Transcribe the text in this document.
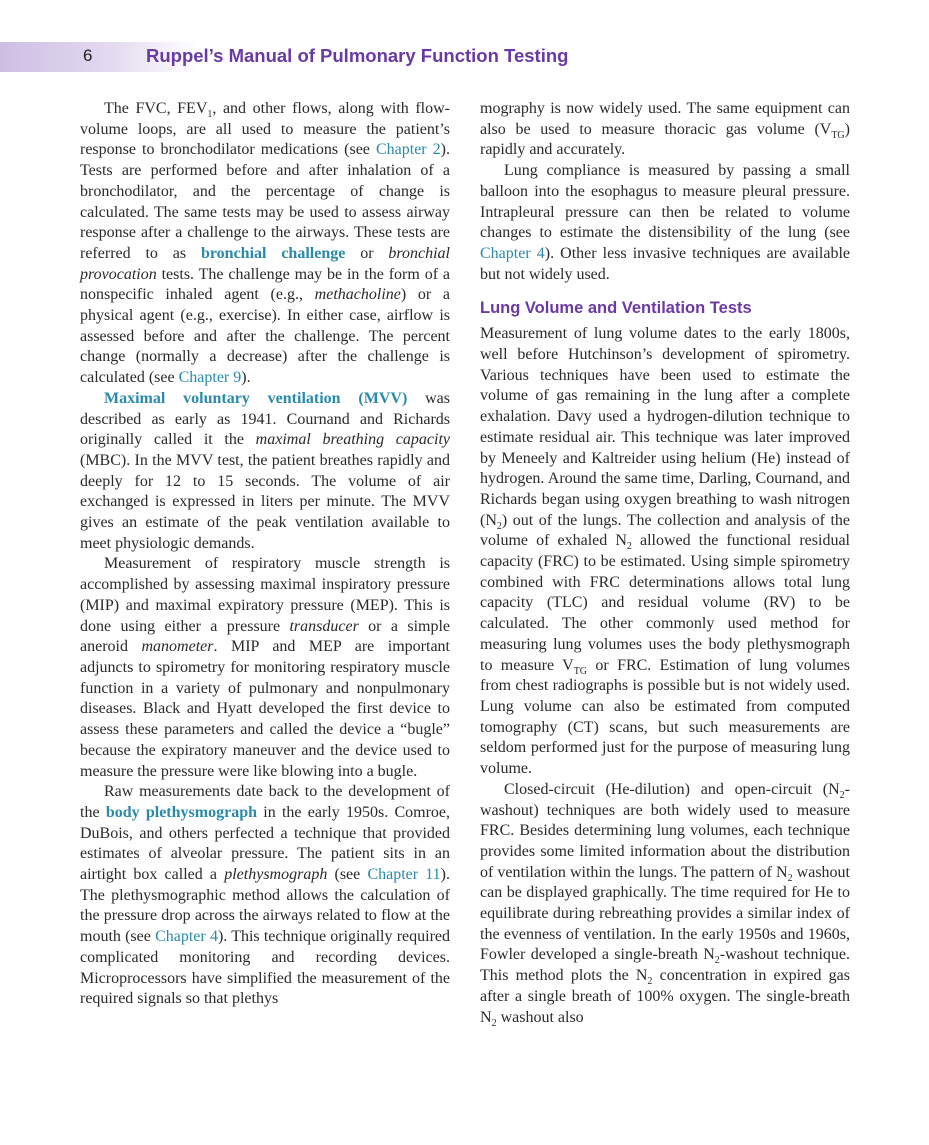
6	Ruppel’s Manual of Pulmonary Function Testing

The FVC, $FEV_1$, and other flows, along with flow-volume loops, are all used to measure the patient’s response to bronchodilator medications (see Chapter 2). Tests are performed before and after inhalation of a bronchodilator, and the percentage of change is calculated. The same tests may be used to assess airway response after a challenge to the airways. These tests are referred to as bronchial challenge or bronchial provocation tests. The challenge may be in the form of a nonspecific inhaled agent (e.g., methacholine) or a physical agent (e.g., exercise). In either case, airflow is assessed before and after the challenge. The percent change (normally a decrease) after the challenge is calculated (see Chapter 9).

Maximal voluntary ventilation (MVV) was described as early as 1941. Cournand and Richards originally called it the maximal breathing capacity (MBC). In the MVV test, the patient breathes rapidly and deeply for 12 to 15 seconds. The volume of air exchanged is expressed in liters per minute. The MVV gives an estimate of the peak ventilation available to meet physiologic demands.

Measurement of respiratory muscle strength is accomplished by assessing maximal inspiratory pressure (MIP) and maximal expiratory pressure (MEP). This is done using either a pressure transducer or a simple aneroid manometer. MIP and MEP are important adjuncts to spirometry for monitoring respiratory muscle function in a variety of pulmonary and nonpulmonary diseases. Black and Hyatt developed the first device to assess these parameters and called the device a “bugle” because the expiratory maneuver and the device used to measure the pressure were like blowing into a bugle.

Raw measurements date back to the development of the body plethysmograph in the early 1950s. Comroe, DuBois, and others perfected a technique that provided estimates of alveolar pressure. The patient sits in an airtight box called a plethysmograph (see Chapter 11). The plethysmographic method allows the calculation of the pressure drop across the airways related to flow at the mouth (see Chapter 4). This technique originally required complicated monitoring and recording devices. Microprocessors have simplified the measurement of the required signals so that plethys

mography is now widely used. The same equipment can also be used to measure thoracic gas volume $(V_{TG})$ rapidly and accurately.

Lung compliance is measured by passing a small balloon into the esophagus to measure pleural pressure. Intrapleural pressure can then be related to volume changes to estimate the distensibility of the lung (see Chapter 4). Other less invasive techniques are available but not widely used.

Lung Volume and Ventilation Tests

Measurement of lung volume dates to the early 1800s, well before Hutchinson’s development of spirometry. Various techniques have been used to estimate the volume of gas remaining in the lung after a complete exhalation. Davy used a hydrogen-dilution technique to estimate residual air. This technique was later improved by Meneely and Kaltreider using helium (He) instead of hydrogen. Around the same time, Darling, Cournand, and Richards began using oxygen breathing to wash nitrogen $(N_2)$ out of the lungs. The collection and analysis of the volume of exhaled $N_2$ allowed the functional residual capacity (FRC) to be estimated. Using simple spirometry combined with FRC determinations allows total lung capacity (TLC) and residual volume (RV) to be calculated. The other commonly used method for measuring lung volumes uses the body plethysmograph to measure $V_{TG}$ or FRC. Estimation of lung volumes from chest radiographs is possible but is not widely used. Lung volume can also be estimated from computed tomography (CT) scans, but such measurements are seldom performed just for the purpose of measuring lung volume.

Closed-circuit (He-dilution) and open-circuit $(N_2-washout)$ techniques are both widely used to measure FRC. Besides determining lung volumes, each technique provides some limited information about the distribution of ventilation within the lungs. The pattern of $N_2$ washout can be displayed graphically. The time required for He to equilibrate during rebreathing provides a similar index of the evenness of ventilation. In the early 1950s and 1960s, Fowler developed a single-breath $N_2$-washout technique. This method plots the $N_2$ concentration in expired gas after a single breath of 100% oxygen. The single-breath $N_2$ washout also
